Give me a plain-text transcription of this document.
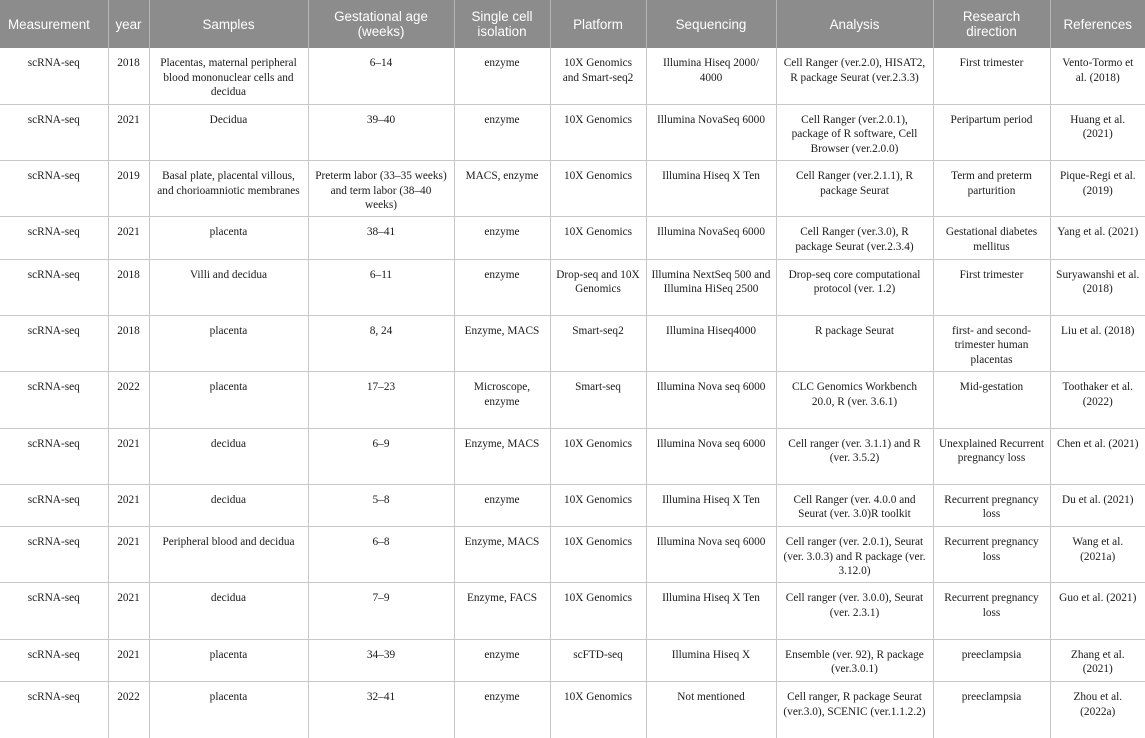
Measurement	year	Samples	Gestational age (weeks)	Single cell isolation	Platform	Sequencing	Analysis	Research direction	References
scRNA-seq	2018	Placentas, maternal peripheral blood mononuclear cells and decidua	6–14	enzyme	10X Genomics and Smart-seq2	Illumina Hiseq 2000/ 4000	Cell Ranger (ver.2.0), HISAT2, R package Seurat (ver.2.3.3)	First trimester	Vento-Tormo et al. (2018)
scRNA-seq	2021	Decidua	39–40	enzyme	10X Genomics	Illumina NovaSeq 6000	Cell Ranger (ver.2.0.1), package of R software, Cell Browser (ver.2.0.0)	Peripartum period	Huang et al. (2021)
scRNA-seq	2019	Basal plate, placental villous, and chorioamniotic membranes	Preterm labor (33–35 weeks) and term labor (38–40 weeks)	MACS, enzyme	10X Genomics	Illumina Hiseq X Ten	Cell Ranger (ver.2.1.1), R package Seurat	Term and preterm parturition	Pique-Regi et al. (2019)
scRNA-seq	2021	placenta	38–41	enzyme	10X Genomics	Illumina NovaSeq 6000	Cell Ranger (ver.3.0), R package Seurat (ver.2.3.4)	Gestational diabetes mellitus	Yang et al. (2021)
scRNA-seq	2018	Villi and decidua	6–11	enzyme	Drop-seq and 10X Genomics	Illumina NextSeq 500 and Illumina HiSeq 2500	Drop-seq core computational protocol (ver. 1.2)	First trimester	Suryawanshi et al. (2018)
scRNA-seq	2018	placenta	8, 24	Enzyme, MACS	Smart-seq2	Illumina Hiseq4000	R package Seurat	first- and second-trimester human placentas	Liu et al. (2018)
scRNA-seq	2022	placenta	17–23	Microscope, enzyme	Smart-seq	Illumina Nova seq 6000	CLC Genomics Workbench 20.0, R (ver. 3.6.1)	Mid-gestation	Toothaker et al. (2022)
scRNA-seq	2021	decidua	6–9	Enzyme, MACS	10X Genomics	Illumina Nova seq 6000	Cell ranger (ver. 3.1.1) and R (ver. 3.5.2)	Unexplained Recurrent pregnancy loss	Chen et al. (2021)
scRNA-seq	2021	decidua	5–8	enzyme	10X Genomics	Illumina Hiseq X Ten	Cell Ranger (ver. 4.0.0 and Seurat (ver. 3.0)R toolkit	Recurrent pregnancy loss	Du et al. (2021)
scRNA-seq	2021	Peripheral blood and decidua	6–8	Enzyme, MACS	10X Genomics	Illumina Nova seq 6000	Cell ranger (ver. 2.0.1), Seurat (ver. 3.0.3) and R package (ver. 3.12.0)	Recurrent pregnancy loss	Wang et al. (2021a)
scRNA-seq	2021	decidua	7–9	Enzyme, FACS	10X Genomics	Illumina Hiseq X Ten	Cell ranger (ver. 3.0.0), Seurat (ver. 2.3.1)	Recurrent pregnancy loss	Guo et al. (2021)
scRNA-seq	2021	placenta	34–39	enzyme	scFTD-seq	Illumina Hiseq X	Ensemble (ver. 92), R package (ver.3.0.1)	preeclampsia	Zhang et al. (2021)
scRNA-seq	2022	placenta	32–41	enzyme	10X Genomics	Not mentioned	Cell ranger, R package Seurat (ver.3.0), SCENIC (ver.1.1.2.2)	preeclampsia	Zhou et al. (2022a)
